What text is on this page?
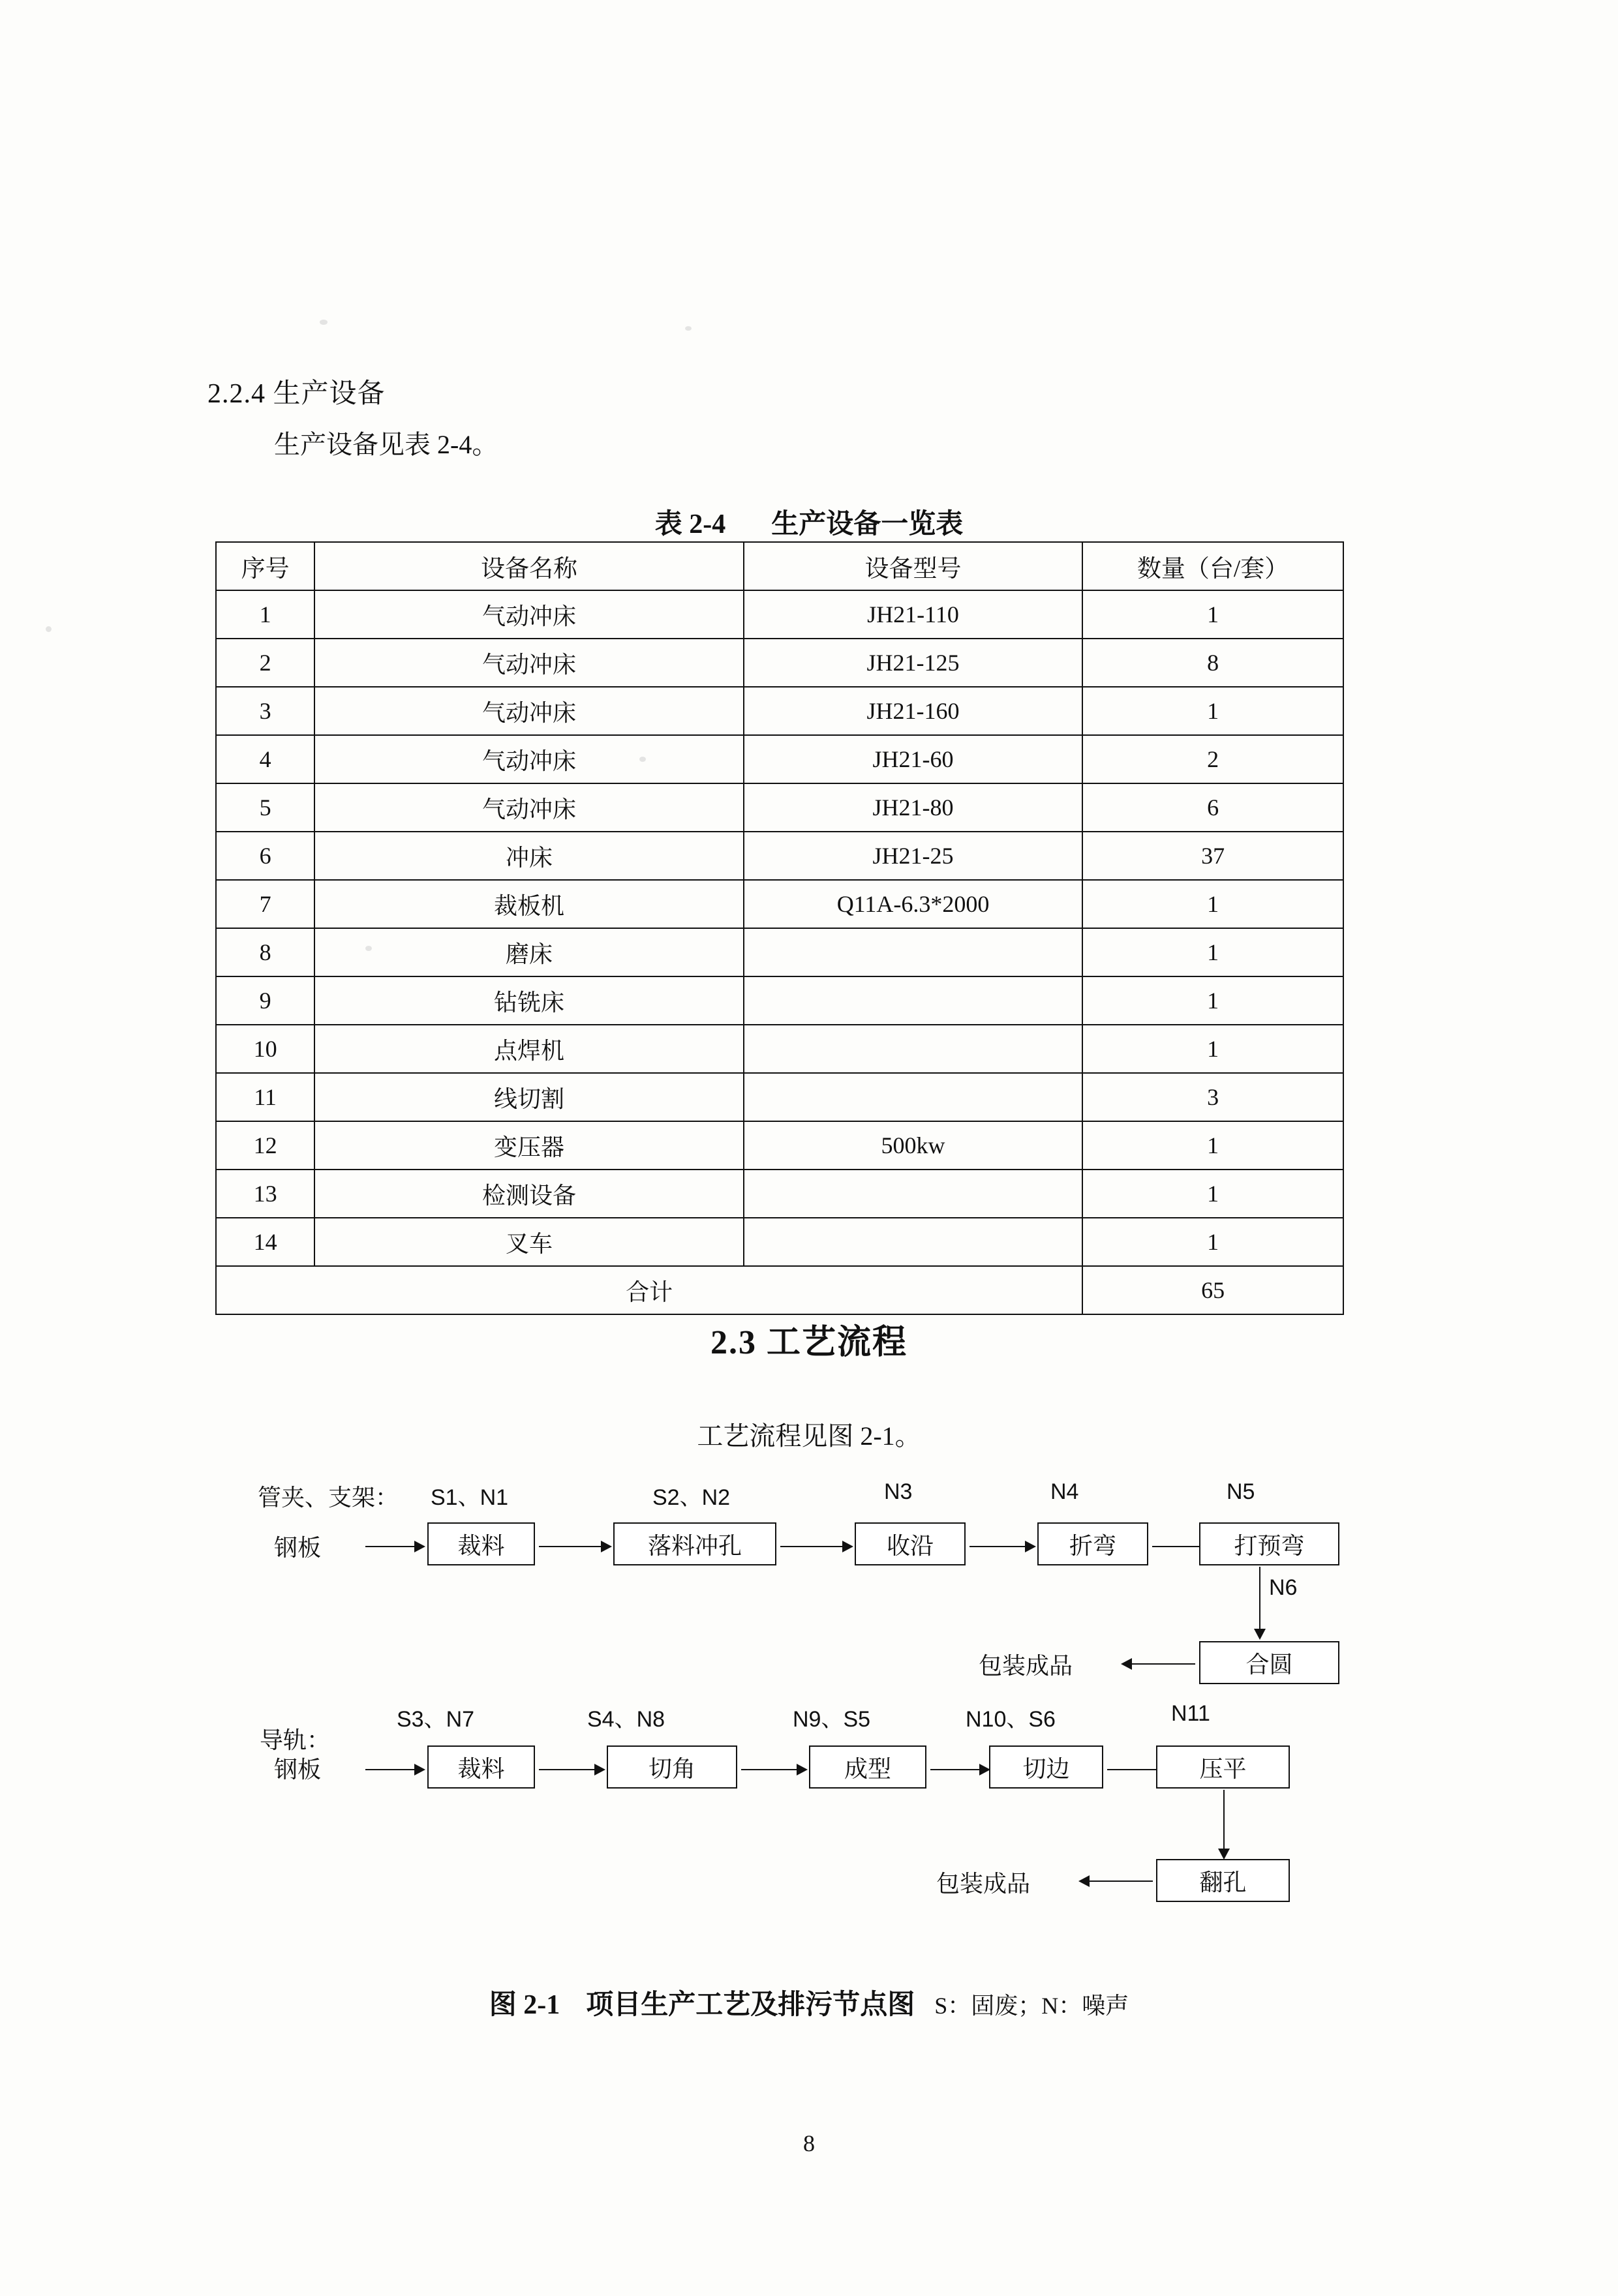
2.2.4 生产设备
生产设备见表 2-4。
表 2-4 生产设备一览表
序号	设备名称	设备型号	数量（台/套）
1	气动冲床	JH21-110	1
2	气动冲床	JH21-125	8
3	气动冲床	JH21-160	1
4	气动冲床	JH21-60	2
5	气动冲床	JH21-80	6
6	冲床	JH21-25	37
7	裁板机	Q11A-6.3*2000	1
8	磨床		1
9	钻铣床		1
10	点焊机		1
11	线切割		3
12	变压器	500kw	1
13	检测设备		1
14	叉车		1
合计			65
2.3 工艺流程
工艺流程见图 2-1。
管夹、支架：
钢板
S1、N1
裁料
S2、N2
落料冲孔
N3
收沿
N4
折弯
N5
打预弯
N6
合圆
包装成品
导轨：
钢板
S3、N7
裁料
S4、N8
切角
N9、S5
成型
N10、S6
切边
N11
压平
翻孔
包装成品
图 2-1 项目生产工艺及排污节点图 S：固废；N：噪声
8
